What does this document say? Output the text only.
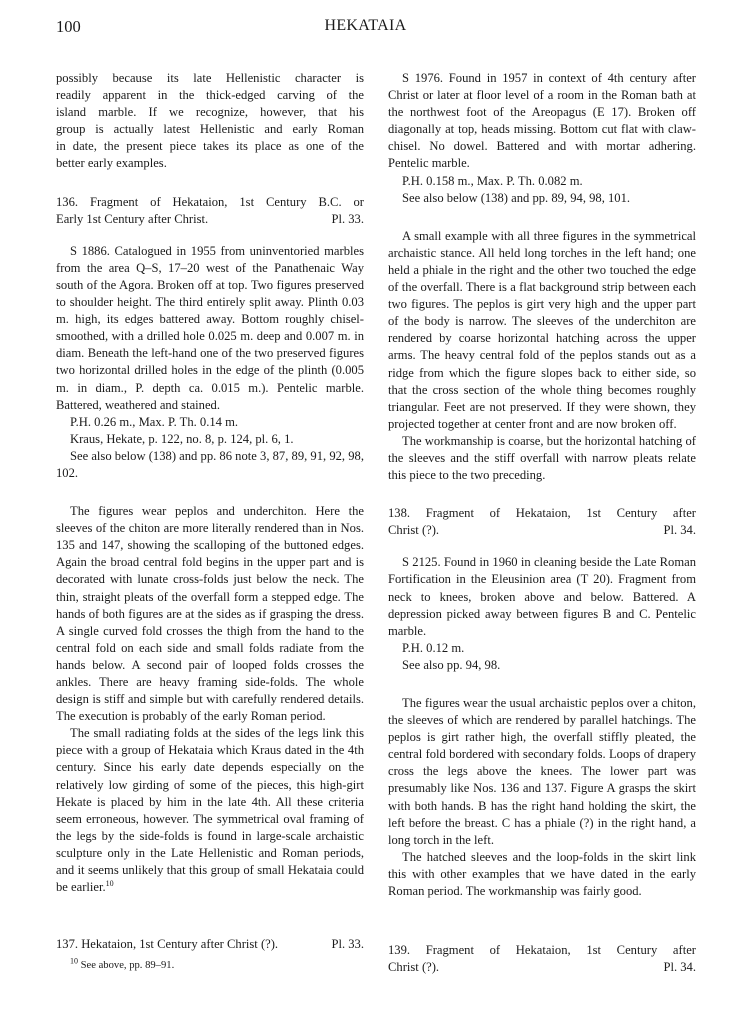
100	HEKATAIA

possibly because its late Hellenistic character is

readily apparent in the thick-edged carving of the

island marble. If we recognize, however, that his

group is actually latest Hellenistic and early Roman

in date, the present piece takes its place as one of the

better early examples.

136. Fragment of Hekataion, 1st Century B.C. or

Early 1st Century after Christ.	Pl. 33.

S 1886. Catalogued in 1955 from uninventoried marbles from the area Q–S, 17–20 west of the Panathenaic Way south of the Agora. Broken off at top. Two figures preserved to shoulder height. The third entirely split away. Plinth 0.03 m. high, its edges battered away. Bottom roughly chisel-smoothed, with a drilled hole 0.025 m. deep and 0.007 m. in diam. Beneath the left-hand one of the two preserved figures two horizontal drilled holes in the edge of the plinth (0.005 m. in diam., P. depth ca. 0.015 m.). Pentelic marble. Battered, weathered and stained.

P.H. 0.26 m., Max. P. Th. 0.14 m.

Kraus, Hekate, p. 122, no. 8, p. 124, pl. 6, 1.

See also below (138) and pp. 86 note 3, 87, 89, 91, 92, 98, 102.

The figures wear peplos and underchiton. Here the sleeves of the chiton are more literally rendered than in Nos. 135 and 147, showing the scalloping of the buttoned edges. Again the broad central fold begins in the upper part and is decorated with lunate cross-folds just below the neck. The thin, straight pleats of the overfall form a stepped edge. The hands of both figures are at the sides as if grasping the dress. A single curved fold crosses the thigh from the hand to the central fold on each side and small folds radiate from the hands below. A second pair of looped folds crosses the ankles. There are heavy framing side-folds. The whole design is stiff and simple but with carefully rendered details. The execution is probably of the early Roman period.

The small radiating folds at the sides of the legs link this piece with a group of Hekataia which Kraus dated in the 4th century. Since his early date depends especially on the relatively low girding of some of the pieces, this high-girt Hekate is placed by him in the late 4th. All these criteria seem erroneous, however. The symmetrical oval framing of the legs by the side-folds is found in large-scale archaistic sculpture only in the Late Hellenistic and Roman periods, and it seems unlikely that this group of small Hekataia could be earlier.$^{10}$

137. Hekataion, 1st Century after Christ (?).	Pl. 33.

$^{10}$ See above, pp. 89–91.

S 1976. Found in 1957 in context of 4th century after Christ or later at floor level of a room in the Roman bath at the northwest foot of the Areopagus (E 17). Broken off diagonally at top, heads missing. Bottom cut flat with claw-chisel. No dowel. Battered and with mortar adhering. Pentelic marble.

P.H. 0.158 m., Max. P. Th. 0.082 m.

See also below (138) and pp. 89, 94, 98, 101.

A small example with all three figures in the symmetrical archaistic stance. All held long torches in the left hand; one held a phiale in the right and the other two touched the edge of the overfall. There is a flat background strip between each two figures. The peplos is girt very high and the upper part of the body is narrow. The sleeves of the underchiton are rendered by coarse horizontal hatching across the upper arms. The heavy central fold of the peplos stands out as a ridge from which the figure slopes back to either side, so that the cross section of the whole thing becomes roughly triangular. Feet are not preserved. If they were shown, they projected together at center front and are now broken off.

The workmanship is coarse, but the horizontal hatching of the sleeves and the stiff overfall with narrow pleats relate this piece to the two preceding.

138. Fragment of Hekataion, 1st Century after

Christ (?).	Pl. 34.

S 2125. Found in 1960 in cleaning beside the Late Roman Fortification in the Eleusinion area (T 20). Fragment from neck to knees, broken above and below. Battered. A depression picked away between figures B and C. Pentelic marble.

P.H. 0.12 m.

See also pp. 94, 98.

The figures wear the usual archaistic peplos over a chiton, the sleeves of which are rendered by parallel hatchings. The peplos is girt rather high, the overfall stiffly pleated, the central fold bordered with secondary folds. Loops of drapery cross the legs above the knees. The lower part was presumably like Nos. 136 and 137. Figure A grasps the skirt with both hands. B has the right hand holding the skirt, the left before the breast. C has a phiale (?) in the right hand, a long torch in the left.

The hatched sleeves and the loop-folds in the skirt link this with other examples that we have dated in the early Roman period. The workmanship was fairly good.

139. Fragment of Hekataion, 1st Century after

Christ (?).	Pl. 34.
